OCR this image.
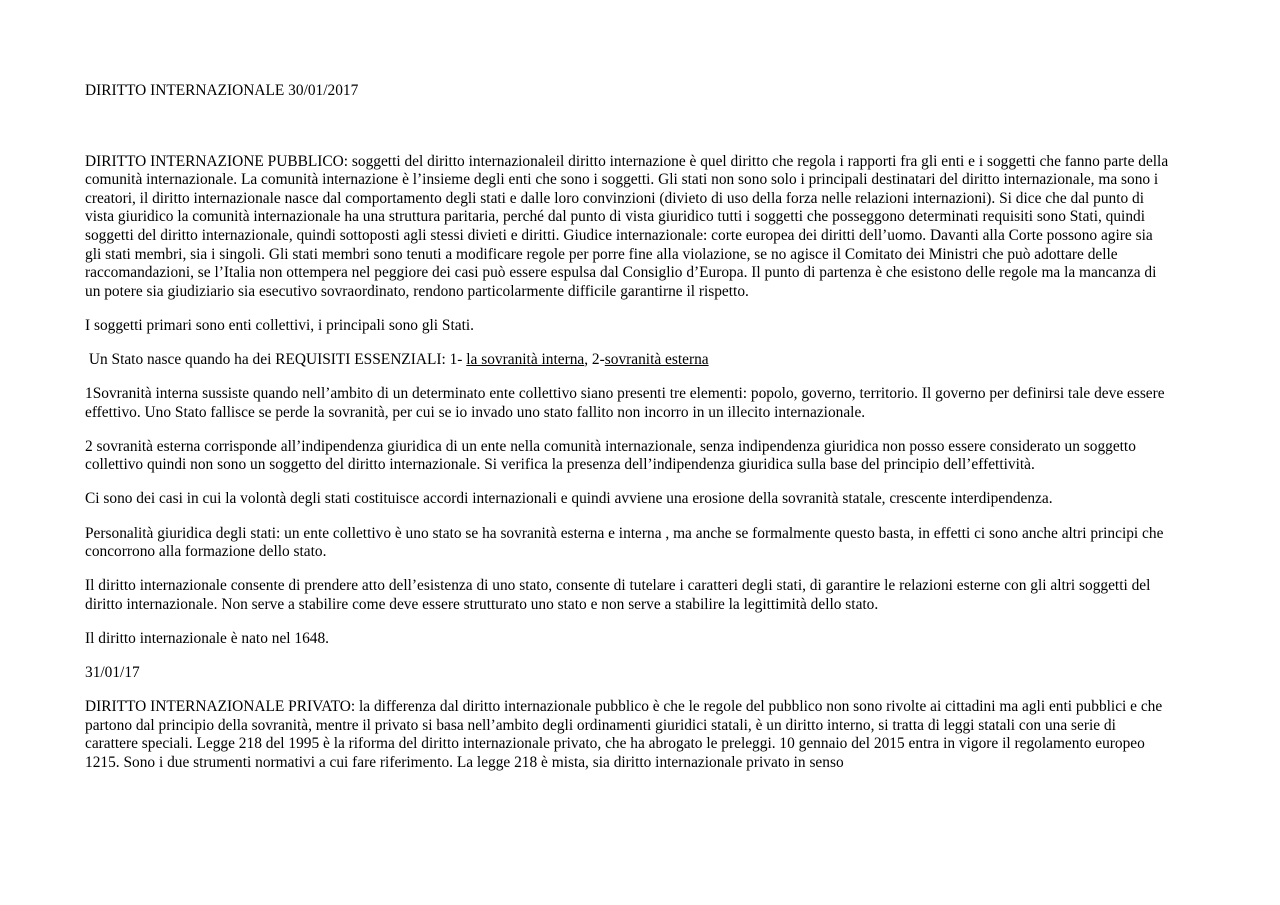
DIRITTO INTERNAZIONALE 30/01/2017

DIRITTO INTERNAZIONE PUBBLICO: soggetti del diritto internazionaleil diritto internazione è quel diritto che regola i rapporti fra gli enti e i soggetti che fanno parte della comunità internazionale. La comunità internazione è l’insieme degli enti che sono i soggetti. Gli stati non sono solo i principali destinatari del diritto internazionale, ma sono i creatori, il diritto internazionale nasce dal comportamento degli stati e dalle loro convinzioni (divieto di uso della forza nelle relazioni internazioni). Si dice che dal punto di vista giuridico la comunità internazionale ha una struttura paritaria, perché dal punto di vista giuridico tutti i soggetti che posseggono determinati requisiti sono Stati, quindi soggetti del diritto internazionale, quindi sottoposti agli stessi divieti e diritti. Giudice internazionale: corte europea dei diritti dell’uomo. Davanti alla Corte possono agire sia gli stati membri, sia i singoli. Gli stati membri sono tenuti a modificare regole per porre fine alla violazione, se no agisce il Comitato dei Ministri che può adottare delle raccomandazioni, se l’Italia non ottempera nel peggiore dei casi può essere espulsa dal Consiglio d’Europa. Il punto di partenza è che esistono delle regole ma la mancanza di un potere sia giudiziario sia esecutivo sovraordinato, rendono particolarmente difficile garantirne il rispetto.

I soggetti primari sono enti collettivi, i principali sono gli Stati.

Un Stato nasce quando ha dei REQUISITI ESSENZIALI: 1- la sovranità interna, 2-sovranità esterna

1Sovranità interna sussiste quando nell’ambito di un determinato ente collettivo siano presenti tre elementi: popolo, governo, territorio. Il governo per definirsi tale deve essere effettivo. Uno Stato fallisce se perde la sovranità, per cui se io invado uno stato fallito non incorro in un illecito internazionale.

2 sovranità esterna corrisponde all’indipendenza giuridica di un ente nella comunità internazionale, senza indipendenza giuridica non posso essere considerato un soggetto collettivo quindi non sono un soggetto del diritto internazionale. Si verifica la presenza dell’indipendenza giuridica sulla base del principio dell’effettività.

Ci sono dei casi in cui la volontà degli stati costituisce accordi internazionali e quindi avviene una erosione della sovranità statale, crescente interdipendenza.

Personalità giuridica degli stati: un ente collettivo è uno stato se ha sovranità esterna e interna , ma anche se formalmente questo basta, in effetti ci sono anche altri principi che concorrono alla formazione dello stato.

Il diritto internazionale consente di prendere atto dell’esistenza di uno stato, consente di tutelare i caratteri degli stati, di garantire le relazioni esterne con gli altri soggetti del diritto internazionale. Non serve a stabilire come deve essere strutturato uno stato e non serve a stabilire la legittimità dello stato.

Il diritto internazionale è nato nel 1648.

31/01/17

DIRITTO INTERNAZIONALE PRIVATO: la differenza dal diritto internazionale pubblico è che le regole del pubblico non sono rivolte ai cittadini ma agli enti pubblici e che partono dal principio della sovranità, mentre il privato si basa nell’ambito degli ordinamenti giuridici statali, è un diritto interno, si tratta di leggi statali con una serie di carattere speciali. Legge 218 del 1995 è la riforma del diritto internazionale privato, che ha abrogato le preleggi. 10 gennaio del 2015 entra in vigore il regolamento europeo 1215. Sono i due strumenti normativi a cui fare riferimento. La legge 218 è mista, sia diritto internazionale privato in senso
